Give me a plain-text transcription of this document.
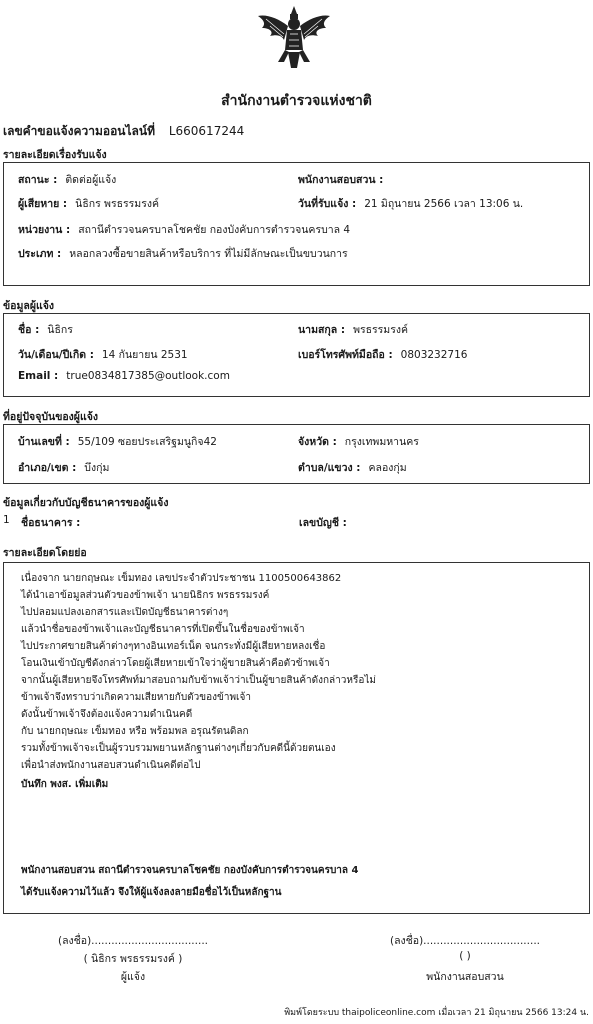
สำนักงานตำรวจแห่งชาติ
เลขคำขอแจ้งความออนไลน์ที่ L660617244
รายละเอียดเรื่องรับแจ้ง
สถานะ : ติดต่อผู้แจ้ง	พนักงานสอบสวน :
ผู้เสียหาย : นิธิกร พรธรรมรงค์	วันที่รับแจ้ง : 21 มิถุนายน 2566 เวลา 13:06 น.
หน่วยงาน : สถานีตำรวจนครบาลโชคชัย กองบังคับการตำรวจนครบาล 4
ประเภท : หลอกลวงซื้อขายสินค้าหรือบริการ ที่ไม่มีลักษณะเป็นขบวนการ
ข้อมูลผู้แจ้ง
ชื่อ : นิธิกร	นามสกุล : พรธรรมรงค์
วัน/เดือน/ปีเกิด : 14 กันยายน 2531	เบอร์โทรศัพท์มือถือ : 0803232716
Email : true0834817385@outlook.com
ที่อยู่ปัจจุบันของผู้แจ้ง
บ้านเลขที่ : 55/109 ซอยประเสริฐมนูกิจ42	จังหวัด : กรุงเทพมหานคร
อำเภอ/เขต : บึงกุ่ม	ตำบล/แขวง : คลองกุ่ม
ข้อมูลเกี่ยวกับบัญชีธนาคารของผู้แจ้ง
1 ชื่อธนาคาร :	เลขบัญชี :
รายละเอียดโดยย่อ
เนื่องจาก นายกฤษณะ เข็มทอง เลขประจำตัวประชาชน 1100500643862
ได้นำเอาข้อมูลส่วนตัวของข้าพเจ้า นายนิธิกร พรธรรมรงค์
ไปปลอมแปลงเอกสารและเปิดบัญชีธนาคารต่างๆ
แล้วนำชื่อของข้าพเจ้าและบัญชีธนาคารที่เปิดขึ้นในชื่อของข้าพเจ้า
ไปประกาศขายสินค้าต่างๆทางอินเทอร์เน็ต จนกระทั่งมีผู้เสียหายหลงเชื่อ
โอนเงินเข้าบัญชีดังกล่าวโดยผู้เสียหายเข้าใจว่าผู้ขายสินค้าคือตัวข้าพเจ้า
จากนั้นผู้เสียหายจึงโทรศัพท์มาสอบถามกับข้าพเจ้าว่าเป็นผู้ขายสินค้าดังกล่าวหรือไม่
ข้าพเจ้าจึงทราบว่าเกิดความเสียหายกับตัวของข้าพเจ้า
ดังนั้นข้าพเจ้าจึงต้องแจ้งความดำเนินคดี
กับ นายกฤษณะ เข็มทอง หรือ พร้อมพล อรุณรัตนดิลก
รวมทั้งข้าพเจ้าจะเป็นผู้รวบรวมพยานหลักฐานต่างๆเกี่ยวกับคดีนี้ด้วยตนเอง
เพื่อนำส่งพนักงานสอบสวนดำเนินคดีต่อไป
บันทึก พงส. เพิ่มเติม
พนักงานสอบสวน สถานีตำรวจนครบาลโชคชัย กองบังคับการตำรวจนครบาล 4
ได้รับแจ้งความไว้แล้ว จึงให้ผู้แจ้งลงลายมือชื่อไว้เป็นหลักฐาน
(ลงชื่อ)...................................
( นิธิกร พรธรรมรงค์ )
ผู้แจ้ง
(ลงชื่อ)...................................
( )
พนักงานสอบสวน
พิมพ์โดยระบบ thaipoliceonline.com เมื่อเวลา 21 มิถุนายน 2566 13:24 น.
